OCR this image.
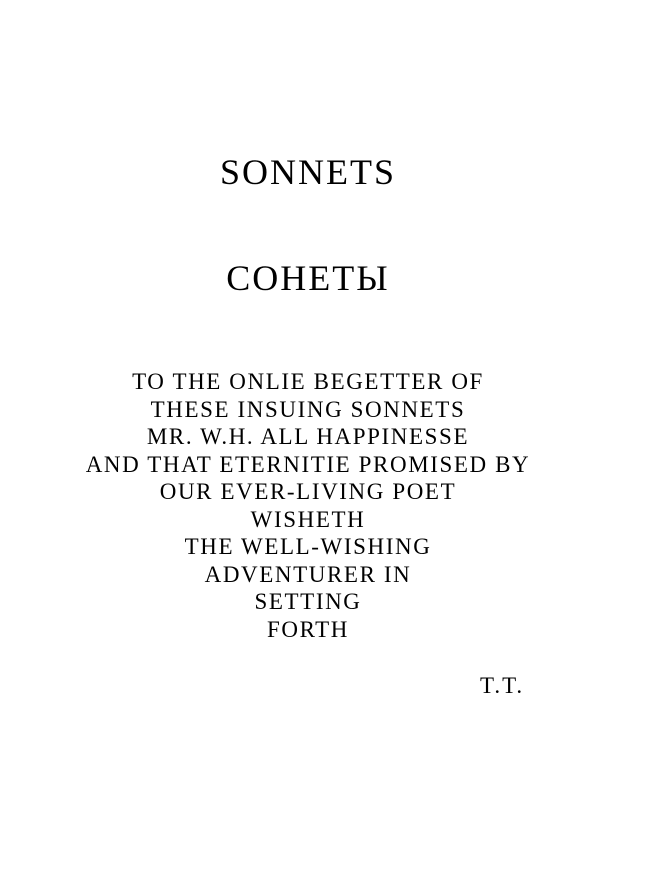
SONNETS
СОНЕТЫ
TO THE ONLIE BEGETTER OF
THESE INSUING SONNETS
MR. W.H. ALL HAPPINESSE
AND THAT ETERNITIE PROMISED BY
OUR EVER-LIVING POET
WISHETH
THE WELL-WISHING
ADVENTURER IN
SETTING
FORTH

T.T.
